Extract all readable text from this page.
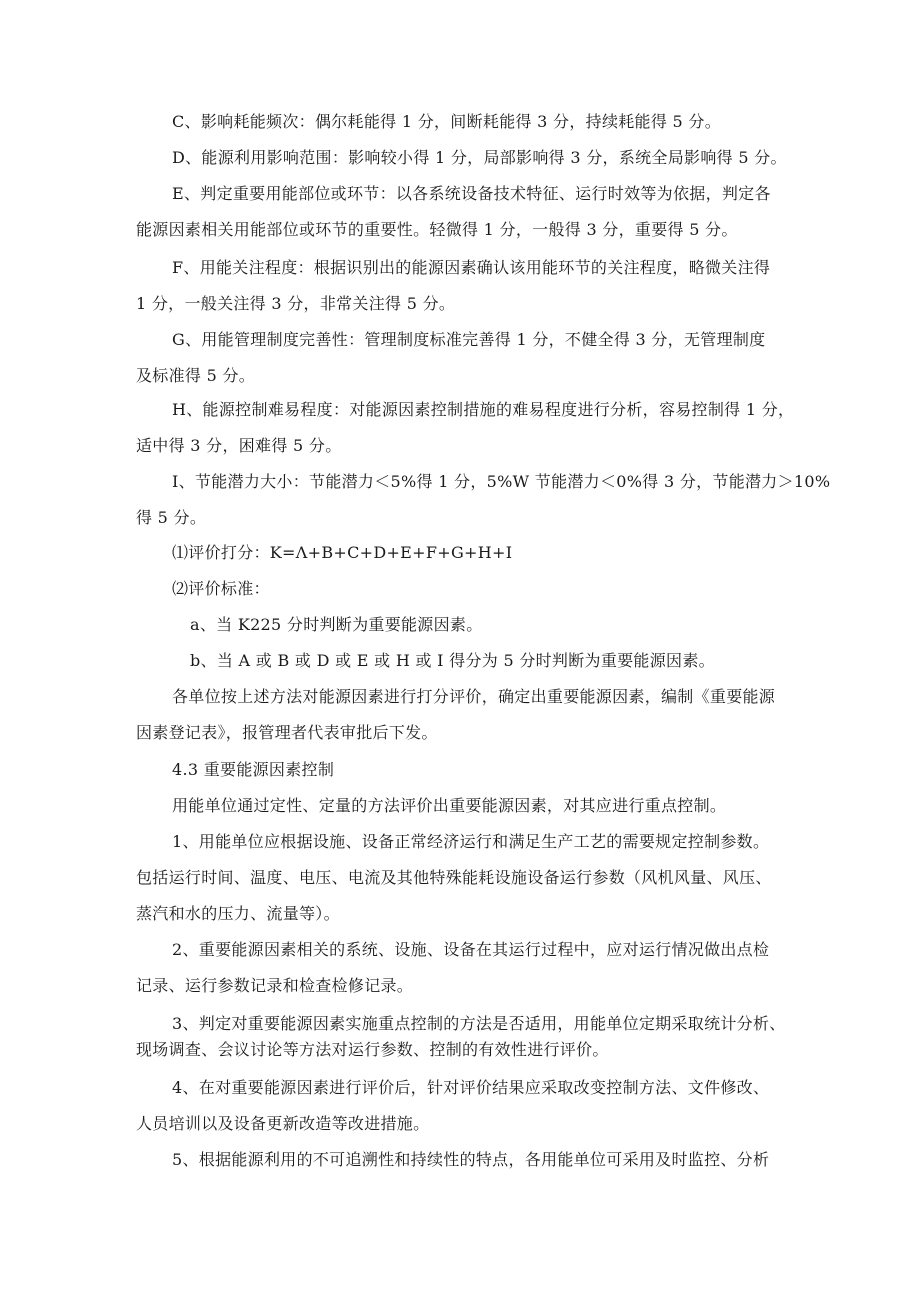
C、影响耗能频次：偶尔耗能得 1 分，间断耗能得 3 分，持续耗能得 5 分。
D、能源利用影响范围：影响较小得 1 分，局部影响得 3 分，系统全局影响得 5 分。
E、判定重要用能部位或环节：以各系统设备技术特征、运行时效等为依据，判定各
能源因素相关用能部位或环节的重要性。轻微得 1 分，一般得 3 分，重要得 5 分。
F、用能关注程度：根据识别出的能源因素确认该用能环节的关注程度，略微关注得
1 分，一般关注得 3 分，非常关注得 5 分。
G、用能管理制度完善性：管理制度标准完善得 1 分，不健全得 3 分，无管理制度
及标准得 5 分。
H、能源控制难易程度：对能源因素控制措施的难易程度进行分析，容易控制得 1 分，
适中得 3 分，困难得 5 分。
I、节能潜力大小：节能潜力＜5%得 1 分，5%W 节能潜力＜0%得 3 分，节能潜力＞10%
得 5 分。
⑴评价打分：K=Λ+B+C+D+E+F+G+H+I
⑵评价标准：
a、当 K225 分时判断为重要能源因素。
b、当 A 或 B 或 D 或 E 或 H 或 I 得分为 5 分时判断为重要能源因素。
各单位按上述方法对能源因素进行打分评价，确定出重要能源因素，编制《重要能源
因素登记表》，报管理者代表审批后下发。
4.3 重要能源因素控制
用能单位通过定性、定量的方法评价出重要能源因素，对其应进行重点控制。
1、用能单位应根据设施、设备正常经济运行和满足生产工艺的需要规定控制参数。
包括运行时间、温度、电压、电流及其他特殊能耗设施设备运行参数（风机风量、风压、
蒸汽和水的压力、流量等）。
2、重要能源因素相关的系统、设施、设备在其运行过程中，应对运行情况做出点检
记录、运行参数记录和检查检修记录。
3、判定对重要能源因素实施重点控制的方法是否适用，用能单位定期采取统计分析、
现场调查、会议讨论等方法对运行参数、控制的有效性进行评价。
4、在对重要能源因素进行评价后，针对评价结果应采取改变控制方法、文件修改、
人员培训以及设备更新改造等改进措施。
5、根据能源利用的不可追溯性和持续性的特点，各用能单位可采用及时监控、分析
